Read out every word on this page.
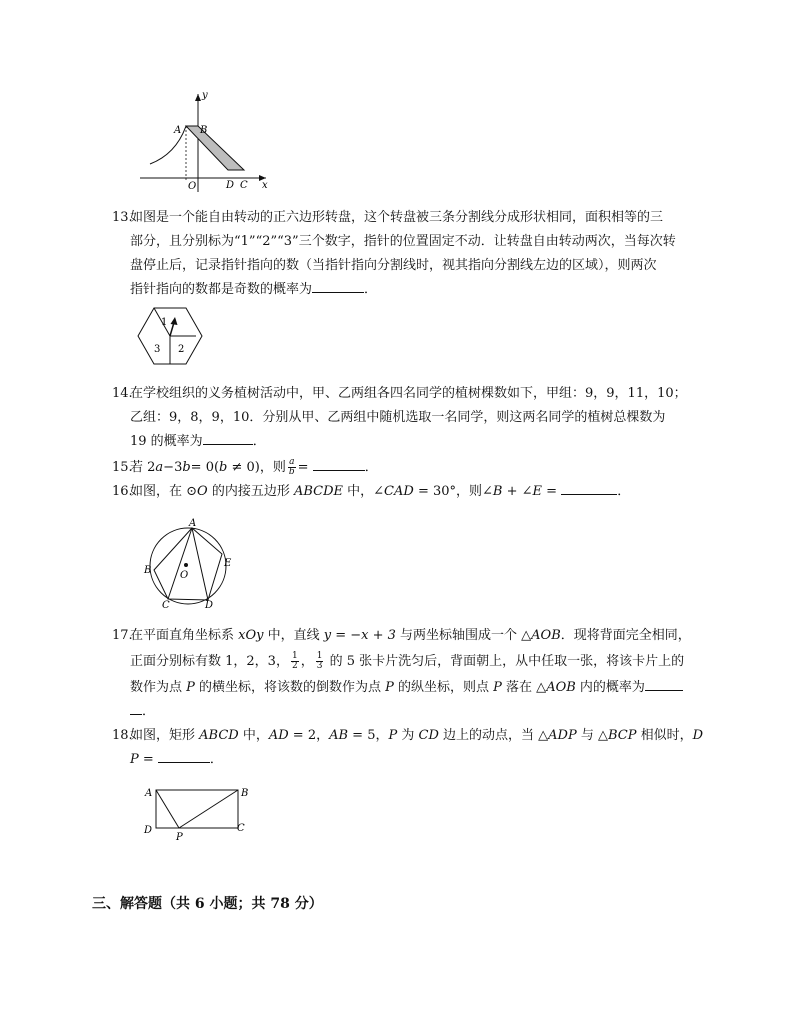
y
x
A B
O	D C
13.如图是一个能自由转动的正六边形转盘，这个转盘被三条分割线分成形状相同，面积相等的三
部分，且分别标为“1”“2”“3”三个数字，指针的位置固定不动．让转盘自由转动两次，当每次转
盘停止后，记录指针指向的数（当指针指向分割线时，视其指向分割线左边的区域），则两次
指针指向的数都是奇数的概率为	．
1
2
3
14.在学校组织的义务植树活动中，甲、乙两组各四名同学的植树棵数如下，甲组：9，9，11，10；
乙组：9，8，9，10．分别从甲、乙两组中随机选取一名同学，则这两名同学的植树总棵数为
19 的概率为	．
15.若 2a−3b= 0(b ≠ 0)，则 $\frac{a}{b}$ =	．
16.如图，在 ⊙O 的内接五边形 ABCDE 中，∠CAD = 30°，则∠B + ∠E =	．
A
B
C	D
E
O
17.在平面直角坐标系 xOy 中，直线 y = −x + 3 与两坐标轴围成一个 △AOB．现将背面完全相同，
正面分别标有数 1，2，3， $\frac{1}{2}$ ， $\frac{1}{3}$ 的 5 张卡片洗匀后，背面朝上，从中任取一张，将该卡片上的
数作为点 P 的横坐标，将该数的倒数作为点 P 的纵坐标，则点 P 落在 △AOB 内的概率为
．
18.如图，矩形 ABCD 中，AD = 2，AB = 5，P 为 CD 边上的动点，当 △ADP 与 △BCP 相似时，D
P =	．
A	B
C
D
P
三、解答题（共 6 小题；共 78 分）
